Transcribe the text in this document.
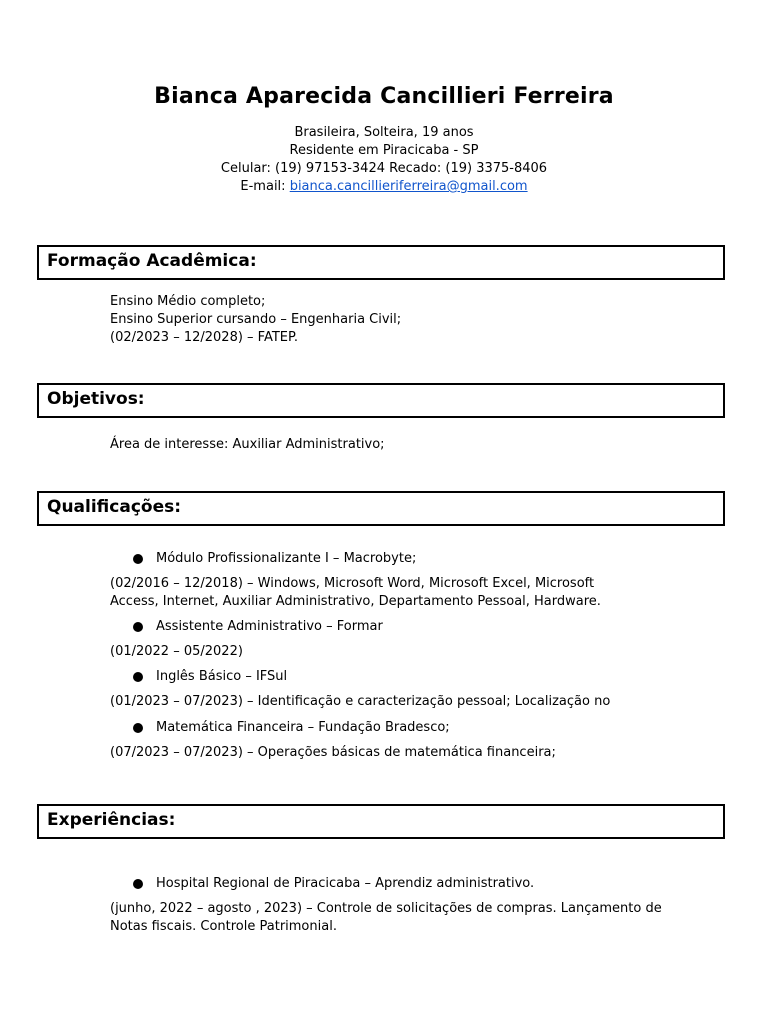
Bianca Aparecida Cancillieri Ferreira
Brasileira, Solteira, 19 anos
Residente em Piracicaba - SP
Celular: (19) 97153-3424 Recado: (19) 3375-8406
E-mail: bianca.cancillieriferreira@gmail.com
Formação Acadêmica:
Ensino Médio completo;
Ensino Superior cursando – Engenharia Civil;
(02/2023 – 12/2028) – FATEP.
Objetivos:
Área de interesse: Auxiliar Administrativo;
Qualificações:
Módulo Profissionalizante I – Macrobyte;
(02/2016 – 12/2018) – Windows, Microsoft Word, Microsoft Excel, Microsoft
Access, Internet, Auxiliar Administrativo, Departamento Pessoal, Hardware.
Assistente Administrativo – Formar
(01/2022 – 05/2022)
Inglês Básico – IFSul
(01/2023 – 07/2023) – Identificação e caracterização pessoal; Localização no
Matemática Financeira – Fundação Bradesco;
(07/2023 – 07/2023) – Operações básicas de matemática financeira;
Experiências:
Hospital Regional de Piracicaba – Aprendiz administrativo.
(junho, 2022 – agosto , 2023) – Controle de solicitações de compras. Lançamento de
Notas fiscais. Controle Patrimonial.
